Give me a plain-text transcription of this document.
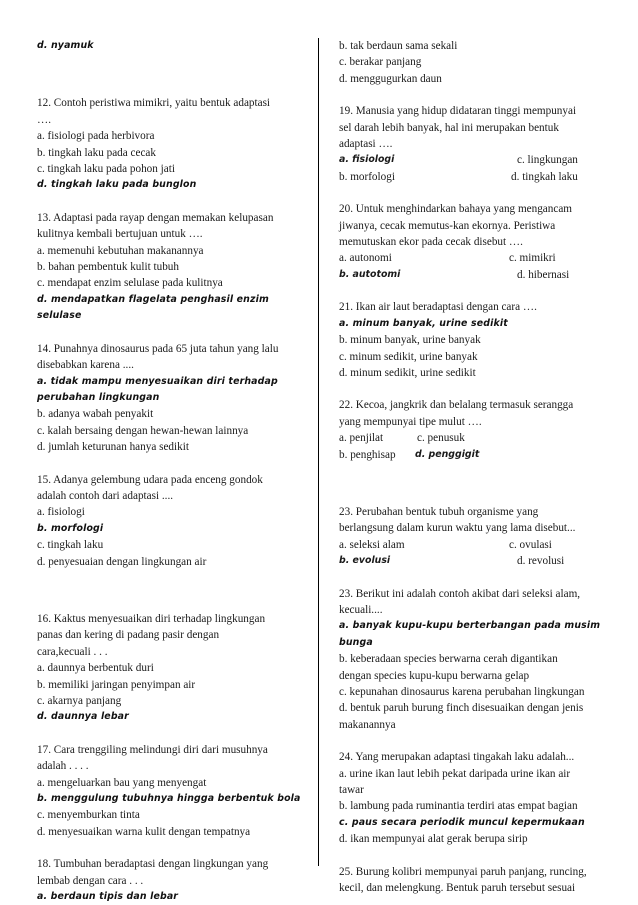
d. nyamuk
12. Contoh peristiwa mimikri, yaitu bentuk adaptasi
….
a. fisiologi pada herbivora
b. tingkah laku pada cecak
c. tingkah laku pada pohon jati
d. tingkah laku pada bunglon
13. Adaptasi pada rayap dengan memakan kelupasan
kulitnya kembali bertujuan untuk ….
a. memenuhi kebutuhan makanannya
b. bahan pembentuk kulit tubuh
c. mendapat enzim selulase pada kulitnya
d. mendapatkan flagelata penghasil enzim
selulase
14. Punahnya dinosaurus pada 65 juta tahun yang lalu
disebabkan karena ....
a. tidak mampu menyesuaikan diri terhadap
perubahan lingkungan
b. adanya wabah penyakit
c. kalah bersaing dengan hewan-hewan lainnya
d. jumlah keturunan hanya sedikit
15. Adanya gelembung udara pada enceng gondok
adalah contoh dari adaptasi ....
a. fisiologi
b. morfologi
c. tingkah laku
d. penyesuaian dengan lingkungan air
16. Kaktus menyesuaikan diri terhadap lingkungan
panas dan kering di padang pasir dengan
cara,kecuali . . .
a. daunnya berbentuk duri
b. memiliki jaringan penyimpan air
c. akarnya panjang
d. daunnya lebar
17. Cara trenggiling melindungi diri dari musuhnya
adalah . . . .
a. mengeluarkan bau yang menyengat
b. menggulung tubuhnya hingga berbentuk bola
c. menyemburkan tinta
d. menyesuaikan warna kulit dengan tempatnya
18. Tumbuhan beradaptasi dengan lingkungan yang
lembab dengan cara . . .
a. berdaun tipis dan lebar
b. tak berdaun sama sekali
c. berakar panjang
d. menggugurkan daun
19. Manusia yang hidup didataran tinggi mempunyai
sel darah lebih banyak, hal ini merupakan bentuk
adaptasi ….
a. fisiologi	c. lingkungan
b. morfologi	d. tingkah laku
20. Untuk menghindarkan bahaya yang mengancam
jiwanya, cecak memutus-kan ekornya. Peristiwa
memutuskan ekor pada cecak disebut ….
a. autonomi	c. mimikri
b. autotomi	d. hibernasi
21. Ikan air laut beradaptasi dengan cara ….
a. minum banyak, urine sedikit
b. minum banyak, urine banyak
c. minum sedikit, urine banyak
d. minum sedikit, urine sedikit
22. Kecoa, jangkrik dan belalang termasuk serangga
yang mempunyai tipe mulut ….
a. penjilat	c. penusuk
b. penghisap	d. penggigit
23. Perubahan bentuk tubuh organisme yang
berlangsung dalam kurun waktu yang lama disebut...
a. seleksi alam	c. ovulasi
b. evolusi	d. revolusi
23. Berikut ini adalah contoh akibat dari seleksi alam,
kecuali....
a. banyak kupu-kupu berterbangan pada musim
bunga
b. keberadaan species berwarna cerah digantikan
dengan species kupu-kupu berwarna gelap
c. kepunahan dinosaurus karena perubahan lingkungan
d. bentuk paruh burung finch disesuaikan dengan jenis
makanannya
24. Yang merupakan adaptasi tingakah laku adalah...
a. urine ikan laut lebih pekat daripada urine ikan air
tawar
b. lambung pada ruminantia terdiri atas empat bagian
c. paus secara periodik muncul kepermukaan
d. ikan mempunyai alat gerak berupa sirip
25. Burung kolibri mempunyai paruh panjang, runcing,
kecil, dan melengkung. Bentuk paruh tersebut sesuai
